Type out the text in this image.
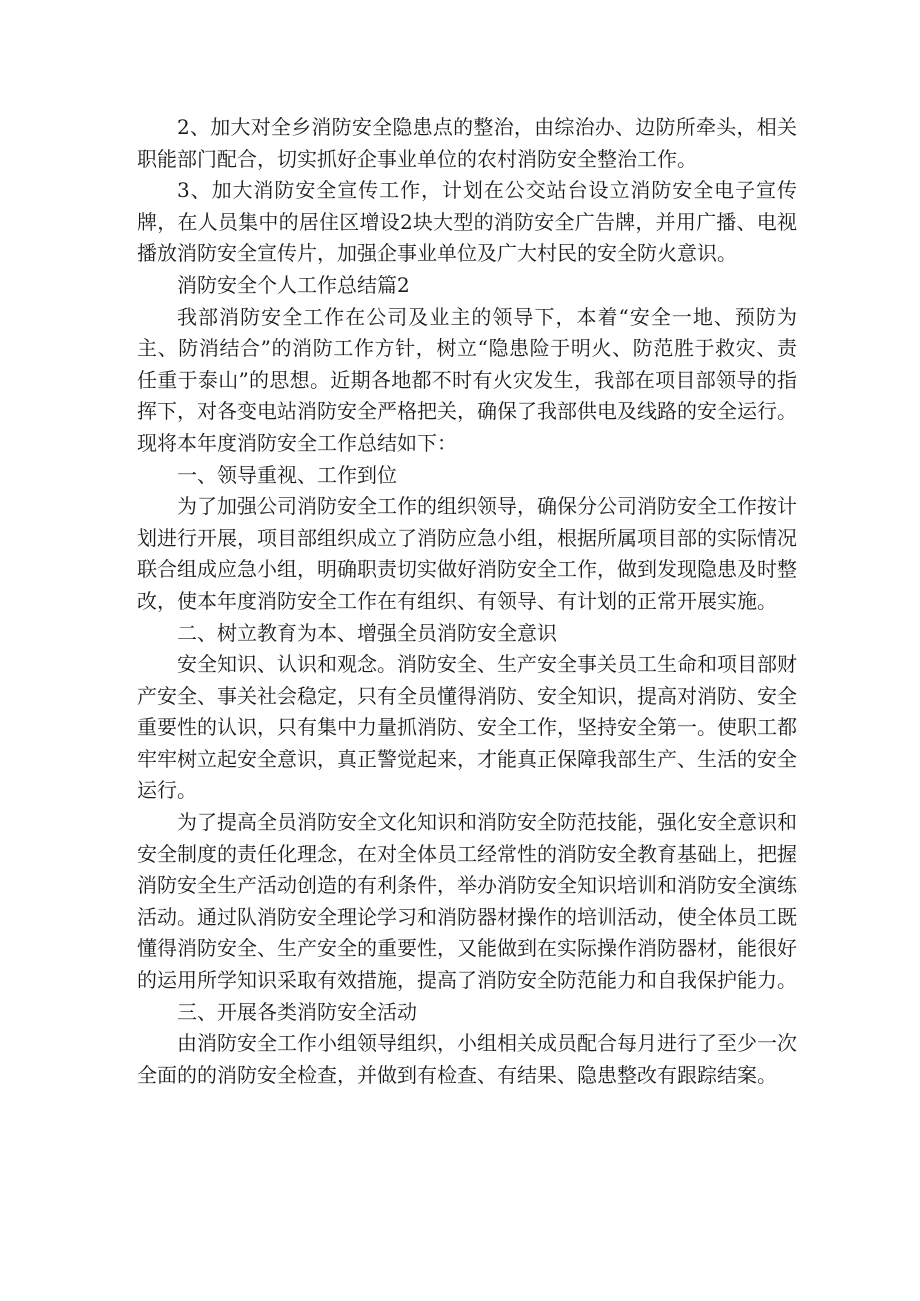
2、加大对全乡消防安全隐患点的整治，由综治办、边防所牵头，相关职能部门配合，切实抓好企事业单位的农村消防安全整治工作。

3、加大消防安全宣传工作，计划在公交站台设立消防安全电子宣传牌，在人员集中的居住区增设2块大型的消防安全广告牌，并用广播、电视播放消防安全宣传片，加强企事业单位及广大村民的安全防火意识。

消防安全个人工作总结篇2

我部消防安全工作在公司及业主的领导下，本着“安全一地、预防为主、防消结合”的消防工作方针，树立“隐患险于明火、防范胜于救灾、责任重于泰山”的思想。近期各地都不时有火灾发生，我部在项目部领导的指挥下，对各变电站消防安全严格把关，确保了我部供电及线路的安全运行。现将本年度消防安全工作总结如下：

一、领导重视、工作到位

为了加强公司消防安全工作的组织领导，确保分公司消防安全工作按计划进行开展，项目部组织成立了消防应急小组，根据所属项目部的实际情况联合组成应急小组，明确职责切实做好消防安全工作，做到发现隐患及时整改，使本年度消防安全工作在有组织、有领导、有计划的正常开展实施。

二、树立教育为本、增强全员消防安全意识

安全知识、认识和观念。消防安全、生产安全事关员工生命和项目部财产安全、事关社会稳定，只有全员懂得消防、安全知识，提高对消防、安全重要性的认识，只有集中力量抓消防、安全工作，坚持安全第一。使职工都牢牢树立起安全意识，真正警觉起来，才能真正保障我部生产、生活的安全运行。

为了提高全员消防安全文化知识和消防安全防范技能，强化安全意识和安全制度的责任化理念，在对全体员工经常性的消防安全教育基础上，把握消防安全生产活动创造的有利条件，举办消防安全知识培训和消防安全演练活动。通过队消防安全理论学习和消防器材操作的培训活动，使全体员工既懂得消防安全、生产安全的重要性，又能做到在实际操作消防器材，能很好的运用所学知识采取有效措施，提高了消防安全防范能力和自我保护能力。

三、开展各类消防安全活动

由消防安全工作小组领导组织，小组相关成员配合每月进行了至少一次全面的的消防安全检查，并做到有检查、有结果、隐患整改有跟踪结案。
